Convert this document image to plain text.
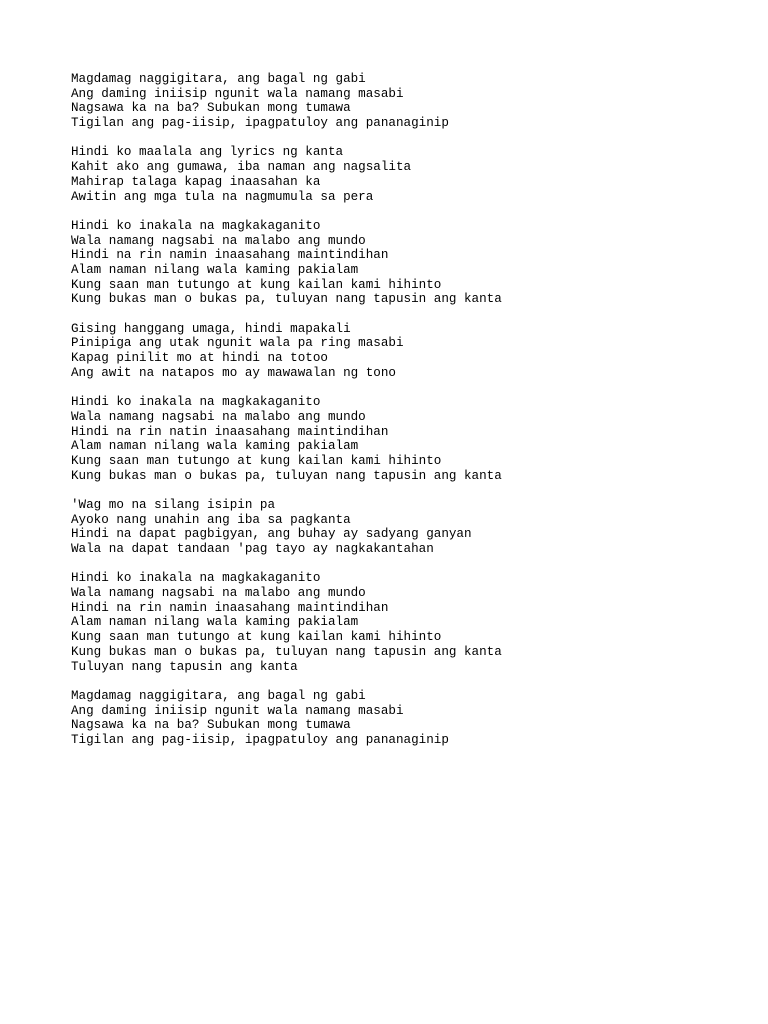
Magdamag naggigitara, ang bagal ng gabi
Ang daming iniisip ngunit wala namang masabi
Nagsawa ka na ba? Subukan mong tumawa
Tigilan ang pag-iisip, ipagpatuloy ang pananaginip
Hindi ko maalala ang lyrics ng kanta
Kahit ako ang gumawa, iba naman ang nagsalita
Mahirap talaga kapag inaasahan ka
Awitin ang mga tula na nagmumula sa pera
Hindi ko inakala na magkakaganito
Wala namang nagsabi na malabo ang mundo
Hindi na rin namin inaasahang maintindihan
Alam naman nilang wala kaming pakialam
Kung saan man tutungo at kung kailan kami hihinto
Kung bukas man o bukas pa, tuluyan nang tapusin ang kanta
Gising hanggang umaga, hindi mapakali
Pinipiga ang utak ngunit wala pa ring masabi
Kapag pinilit mo at hindi na totoo
Ang awit na natapos mo ay mawawalan ng tono
Hindi ko inakala na magkakaganito
Wala namang nagsabi na malabo ang mundo
Hindi na rin natin inaasahang maintindihan
Alam naman nilang wala kaming pakialam
Kung saan man tutungo at kung kailan kami hihinto
Kung bukas man o bukas pa, tuluyan nang tapusin ang kanta
'Wag mo na silang isipin pa
Ayoko nang unahin ang iba sa pagkanta
Hindi na dapat pagbigyan, ang buhay ay sadyang ganyan
Wala na dapat tandaan 'pag tayo ay nagkakantahan
Hindi ko inakala na magkakaganito
Wala namang nagsabi na malabo ang mundo
Hindi na rin namin inaasahang maintindihan
Alam naman nilang wala kaming pakialam
Kung saan man tutungo at kung kailan kami hihinto
Kung bukas man o bukas pa, tuluyan nang tapusin ang kanta
Tuluyan nang tapusin ang kanta
Magdamag naggigitara, ang bagal ng gabi
Ang daming iniisip ngunit wala namang masabi
Nagsawa ka na ba? Subukan mong tumawa
Tigilan ang pag-iisip, ipagpatuloy ang pananaginip
